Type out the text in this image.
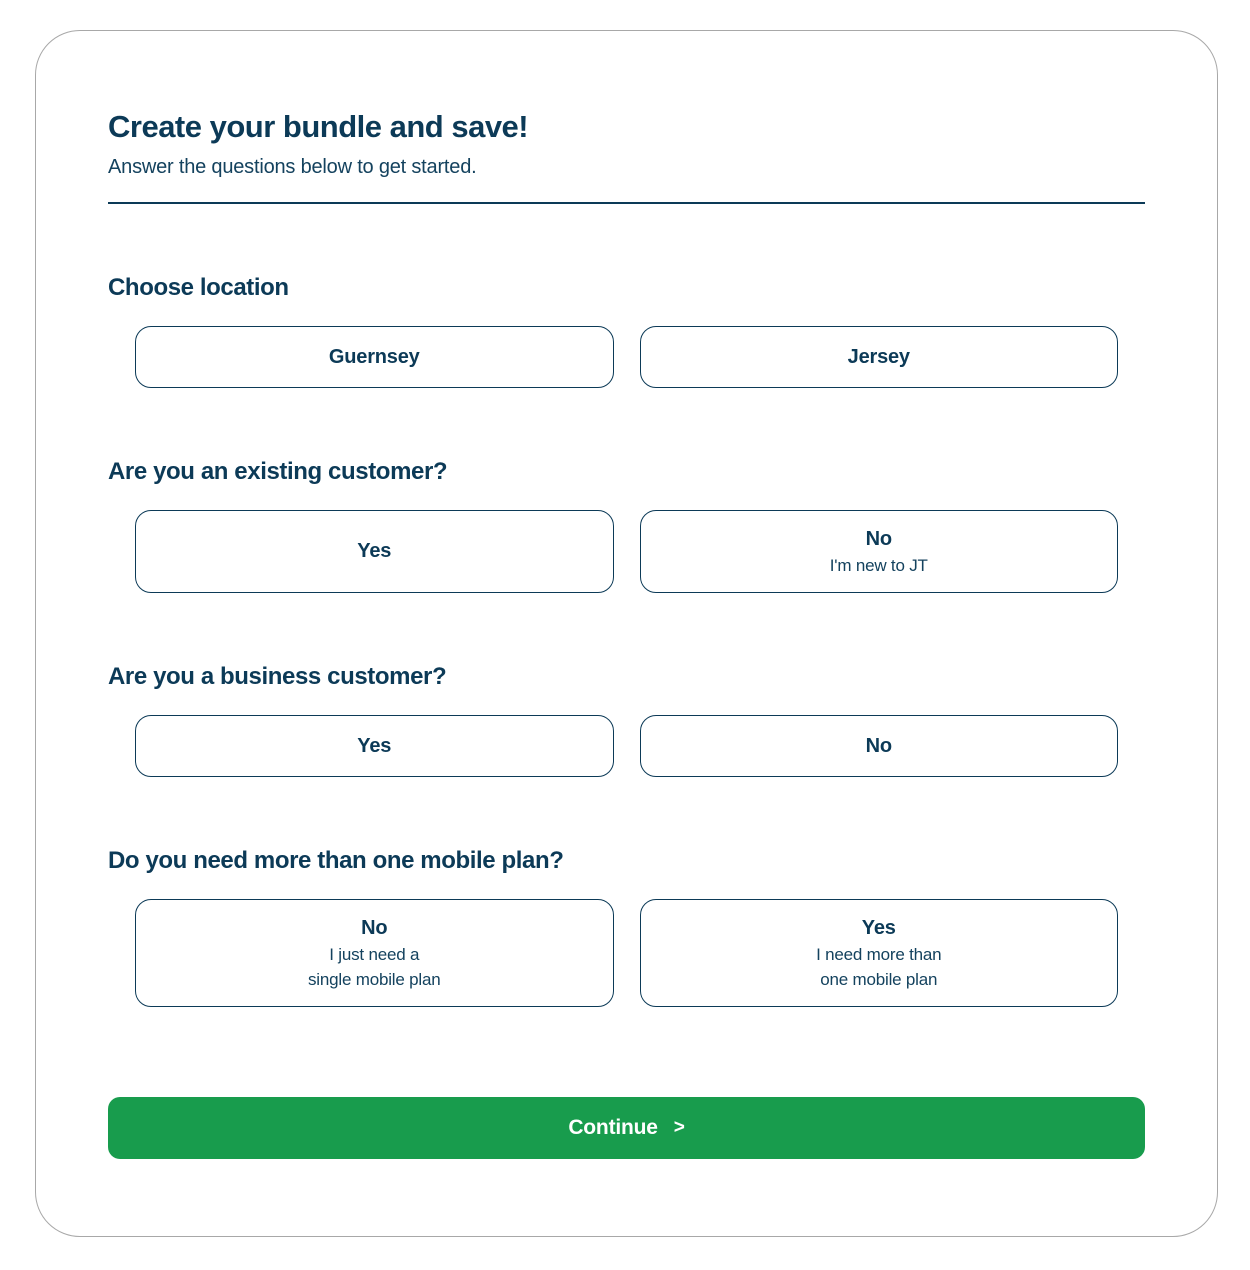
Create your bundle and save!

Answer the questions below to get started.

Choose location
Guernsey	Jersey
Are you an existing customer?
Yes
No
I'm new to JT
Are you a business customer?
Yes	No
Do you need more than one mobile plan?
No
I just need a
single mobile plan
Yes
I need more than
one mobile plan
Continue >
